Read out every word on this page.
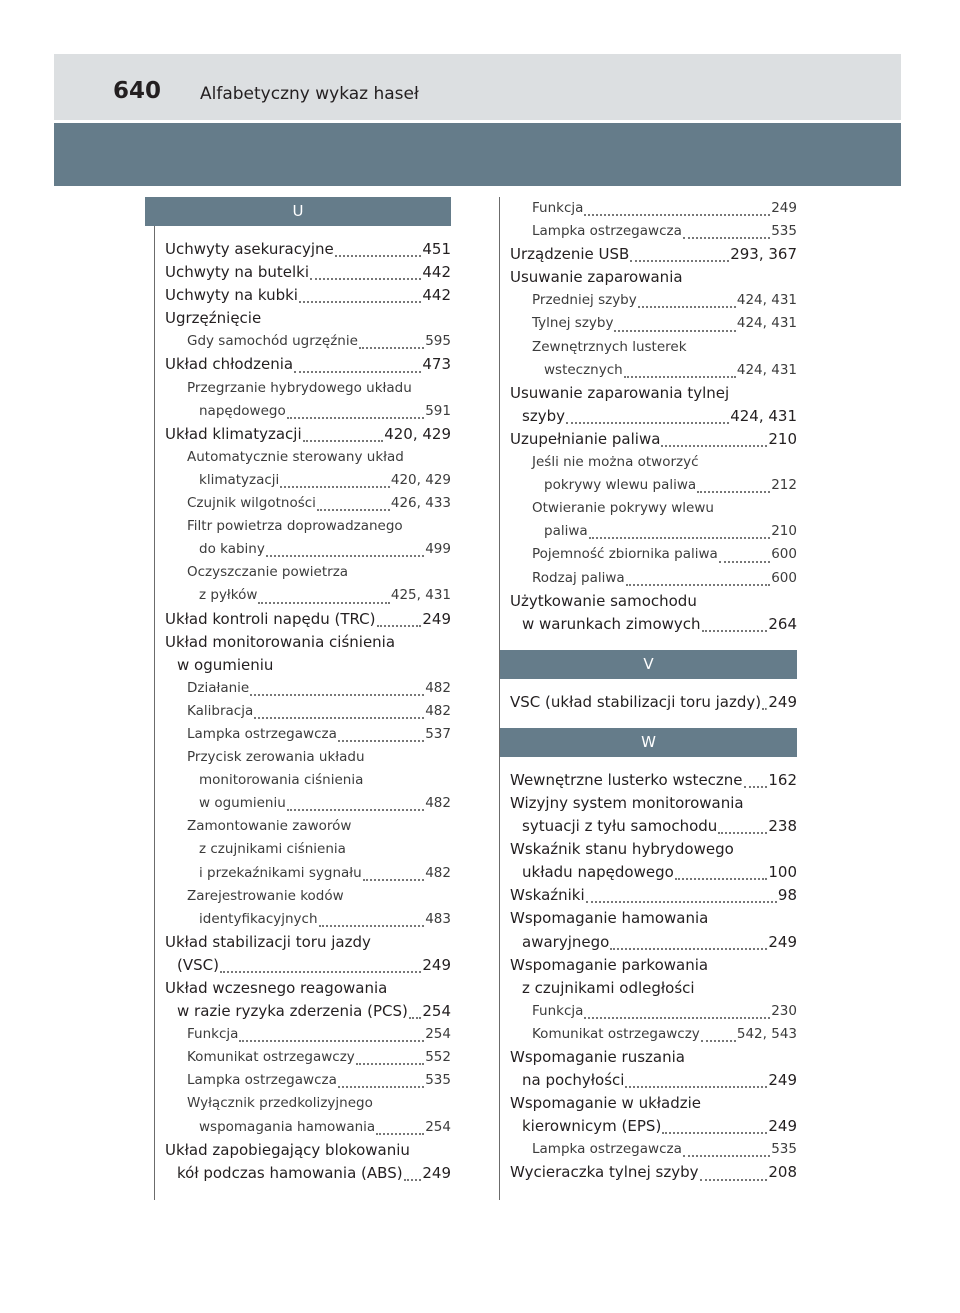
640 Alfabetyczny wykaz haseł
U
Uchwyty asekuracyjne	451
Uchwyty na butelki	442
Uchwyty na kubki	442
Ugrzęźnięcie
Gdy samochód ugrzęźnie	595
Układ chłodzenia	473
Przegrzanie hybrydowego układu
napędowego	591
Układ klimatyzacji	420, 429
Automatycznie sterowany układ
klimatyzacji	420, 429
Czujnik wilgotności	426, 433
Filtr powietrza doprowadzanego
do kabiny	499
Oczyszczanie powietrza
z pyłków	425, 431
Układ kontroli napędu (TRC)	249
Układ monitorowania ciśnienia
w ogumieniu
Działanie	482
Kalibracja	482
Lampka ostrzegawcza	537
Przycisk zerowania układu
monitorowania ciśnienia
w ogumieniu	482
Zamontowanie zaworów
z czujnikami ciśnienia
i przekaźnikami sygnału	482
Zarejestrowanie kodów
identyfikacyjnych	483
Układ stabilizacji toru jazdy
(VSC)	249
Układ wczesnego reagowania
w razie ryzyka zderzenia (PCS) 254
Funkcja	254
Komunikat ostrzegawczy	552
Lampka ostrzegawcza	535
Wyłącznik przedkolizyjnego
wspomagania hamowania	254
Układ zapobiegający blokowaniu
kół podczas hamowania (ABS) 249
Funkcja	249
Lampka ostrzegawcza	535
Urządzenie USB	293, 367
Usuwanie zaparowania
Przedniej szyby	424, 431
Tylnej szyby	424, 431
Zewnętrznych lusterek
wstecznych	424, 431
Usuwanie zaparowania tylnej
szyby	424, 431
Uzupełnianie paliwa	210
Jeśli nie można otworzyć
pokrywy wlewu paliwa	212
Otwieranie pokrywy wlewu
paliwa	210
Pojemność zbiornika paliwa	600
Rodzaj paliwa	600
Użytkowanie samochodu
w warunkach zimowych	264
V
VSC (układ stabilizacji toru jazdy) 249
W
Wewnętrzne lusterko wsteczne 162
Wizyjny system monitorowania
sytuacji z tyłu samochodu	238
Wskaźnik stanu hybrydowego
układu napędowego	100
Wskaźniki	98
Wspomaganie hamowania
awaryjnego	249
Wspomaganie parkowania
z czujnikami odległości
Funkcja	230
Komunikat ostrzegawczy	542, 543
Wspomaganie ruszania
na pochyłości	249
Wspomaganie w układzie
kierownicym (EPS)	249
Lampka ostrzegawcza	535
Wycieraczka tylnej szyby	208
